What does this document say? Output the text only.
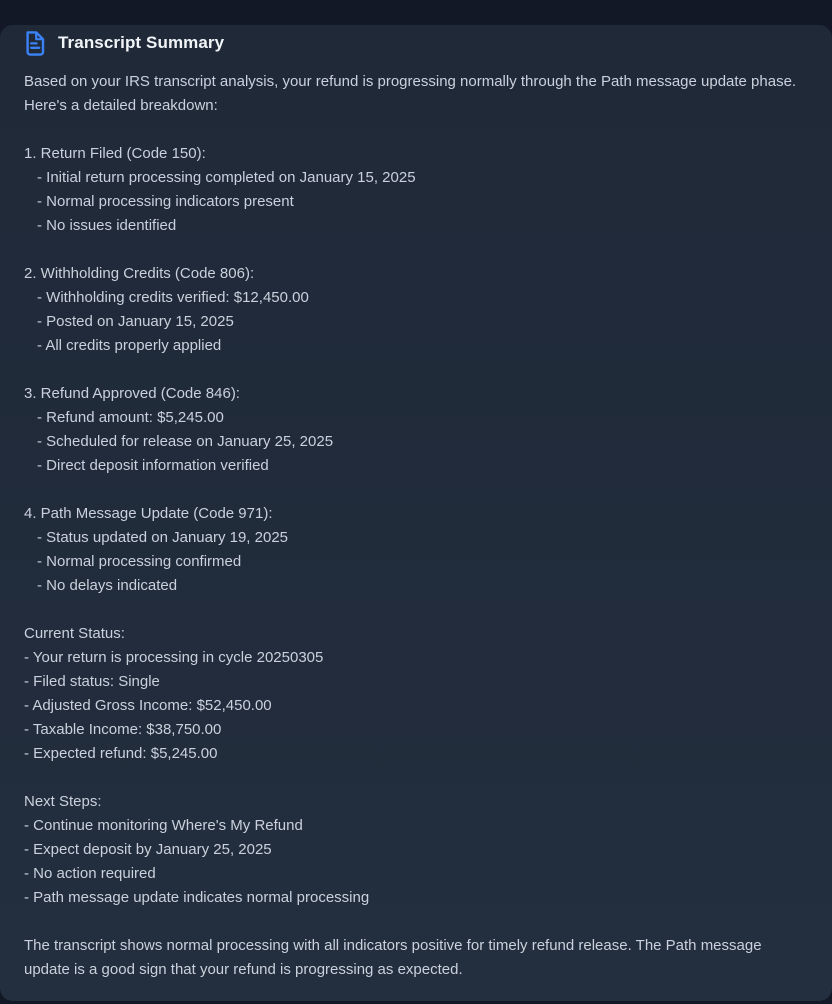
Transcript Summary

Based on your IRS transcript analysis, your refund is progressing normally through the Path message update phase. Here's a detailed breakdown:

1. Return Filed (Code 150):
- Initial return processing completed on January 15, 2025
- Normal processing indicators present
- No issues identified
2. Withholding Credits (Code 806):
- Withholding credits verified: $12,450.00
- Posted on January 15, 2025
- All credits properly applied
3. Refund Approved (Code 846):
- Refund amount: $5,245.00
- Scheduled for release on January 25, 2025
- Direct deposit information verified
4. Path Message Update (Code 971):
- Status updated on January 19, 2025
- Normal processing confirmed
- No delays indicated
Current Status:
- Your return is processing in cycle 20250305
- Filed status: Single
- Adjusted Gross Income: $52,450.00
- Taxable Income: $38,750.00
- Expected refund: $5,245.00
Next Steps:
- Continue monitoring Where's My Refund
- Expect deposit by January 25, 2025
- No action required
- Path message update indicates normal processing

The transcript shows normal processing with all indicators positive for timely refund release. The Path message update is a good sign that your refund is progressing as expected.
